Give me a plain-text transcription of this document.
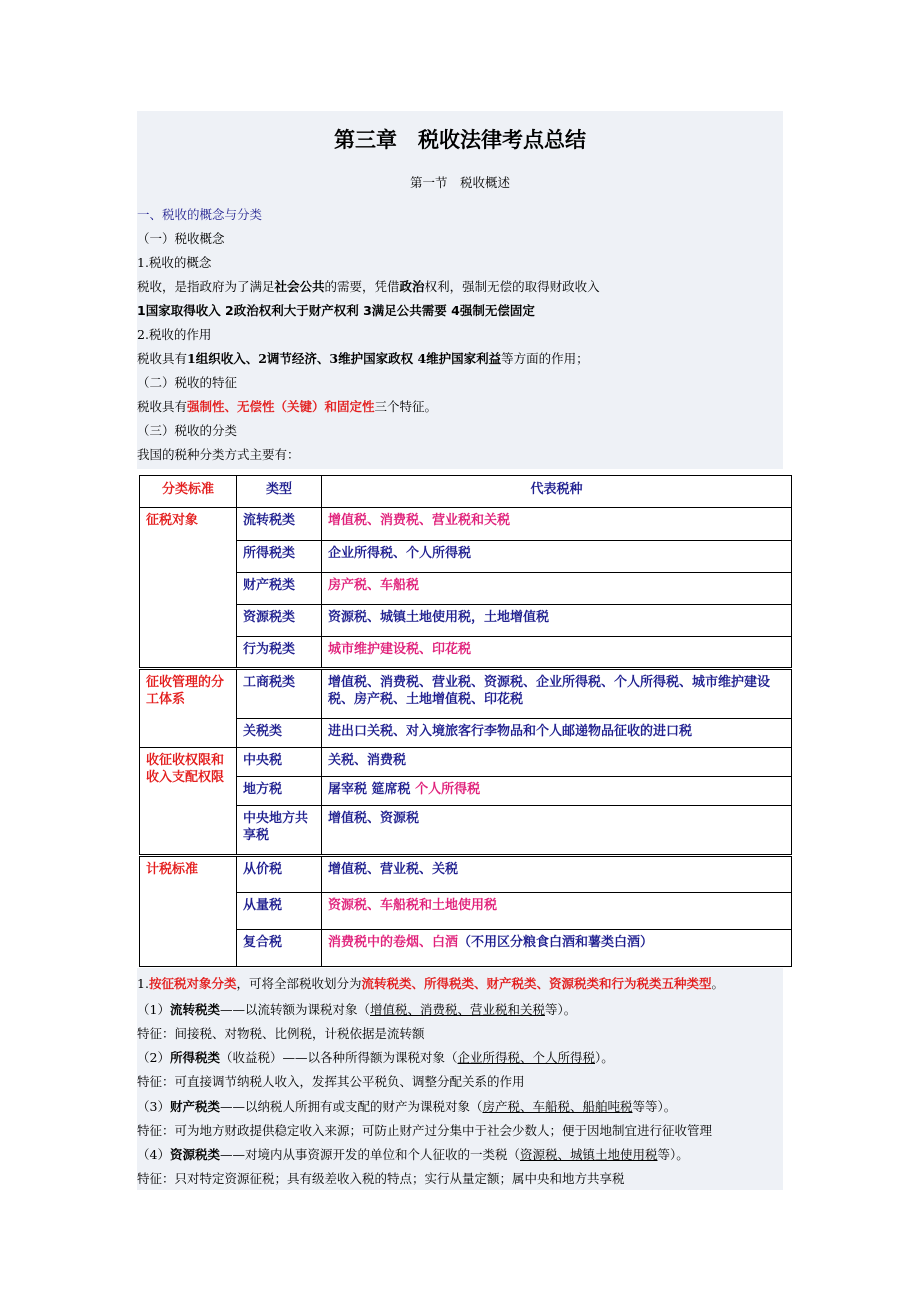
第三章　税收法律考点总结
第一节　税收概述
一、税收的概念与分类
（一）税收概念
1.税收的概念
税收，是指政府为了满足社会公共的需要，凭借政治权利，强制无偿的取得财政收入
1国家取得收入 2政治权利大于财产权利 3满足公共需要 4强制无偿固定
2.税收的作用
税收具有1组织收入、2调节经济、3维护国家政权 4维护国家利益等方面的作用；
（二）税收的特征
税收具有强制性、无偿性（关键）和固定性三个特征。
（三）税收的分类
我国的税种分类方式主要有：
分类标准	类型	代表税种
征税对象	流转税类	增值税、消费税、营业税和关税
	所得税类	企业所得税、个人所得税
	财产税类	房产税、车船税
	资源税类	资源税、城镇土地使用税，土地增值税
	行为税类	城市维护建设税、印花税
征收管理的分工体系	工商税类	增值税、消费税、营业税、资源税、企业所得税、个人所得税、城市维护建设税、房产税、土地增值税、印花税
	关税类	进出口关税、对入境旅客行李物品和个人邮递物品征收的进口税
收征收权限和收入支配权限	中央税	关税、消费税
	地方税	屠宰税 筵席税 个人所得税
	中央地方共享税	增值税、资源税
计税标准	从价税	增值税、营业税、关税
	从量税	资源税、车船税和土地使用税
	复合税	消费税中的卷烟、白酒（不用区分粮食白酒和薯类白酒）
1.按征税对象分类，可将全部税收划分为流转税类、所得税类、财产税类、资源税类和行为税类五种类型。
（1）流转税类——以流转额为课税对象（增值税、消费税、营业税和关税等）。
特征：间接税、对物税、比例税，计税依据是流转额
（2）所得税类（收益税）——以各种所得额为课税对象（企业所得税、个人所得税）。
特征：可直接调节纳税人收入，发挥其公平税负、调整分配关系的作用
（3）财产税类——以纳税人所拥有或支配的财产为课税对象（房产税、车船税、船舶吨税等等）。
特征：可为地方财政提供稳定收入来源；可防止财产过分集中于社会少数人；便于因地制宜进行征收管理
（4）资源税类——对境内从事资源开发的单位和个人征收的一类税（资源税、城镇土地使用税等）。
特征：只对特定资源征税；具有级差收入税的特点；实行从量定额；属中央和地方共享税
